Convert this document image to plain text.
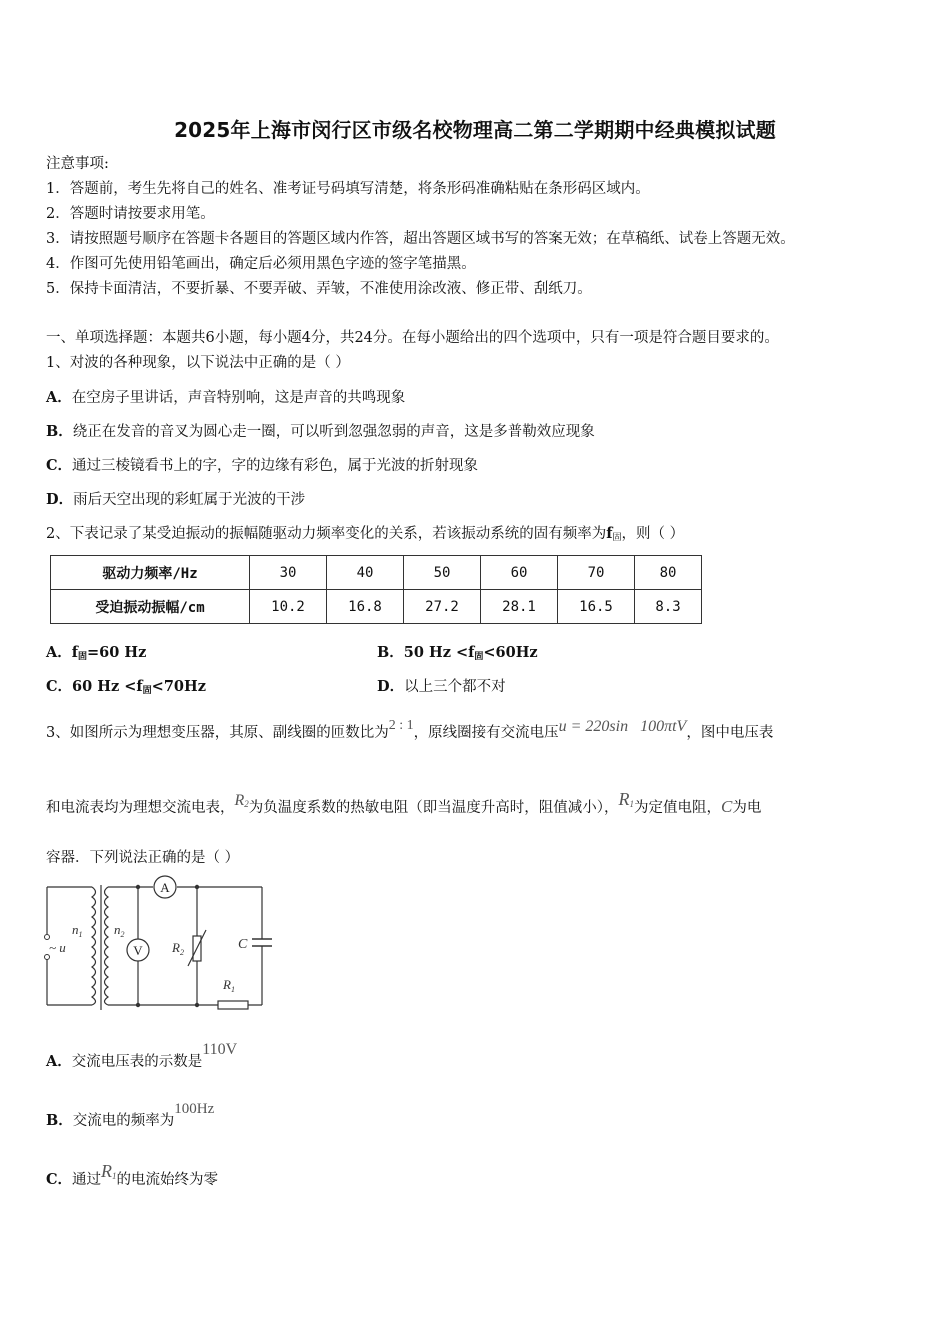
2025年上海市闵行区市级名校物理高二第二学期期中经典模拟试题
注意事项:
1．答题前，考生先将自己的姓名、准考证号码填写清楚，将条形码准确粘贴在条形码区域内。
2．答题时请按要求用笔。
3．请按照题号顺序在答题卡各题目的答题区域内作答，超出答题区域书写的答案无效；在草稿纸、试卷上答题无效。
4．作图可先使用铅笔画出，确定后必须用黑色字迹的签字笔描黑。
5．保持卡面清洁，不要折暴、不要弄破、弄皱，不准使用涂改液、修正带、刮纸刀。
一、单项选择题：本题共6小题，每小题4分，共24分。在每小题给出的四个选项中，只有一项是符合题目要求的。
1、对波的各种现象，以下说法中正确的是（ ）
A．在空房子里讲话，声音特别响，这是声音的共鸣现象
B．绕正在发音的音叉为圆心走一圈，可以听到忽强忽弱的声音，这是多普勒效应现象
C．通过三棱镜看书上的字，字的边缘有彩色，属于光波的折射现象
D．雨后天空出现的彩虹属于光波的干涉
2、下表记录了某受迫振动的振幅随驱动力频率变化的关系，若该振动系统的固有频率为$f_固$，则（ ）
驱动力频率/Hz	30	40	50	60	70	80
受迫振动振幅/cm	10.2	16.8	27.2	28.1	16.5	8.3
A．$f_固=60$ Hz	B．50 $Hz <f_固<60Hz$
C．60 $Hz <f_固<70Hz$	D．以上三个都不对
3、如图所示为理想变压器，其原、副线圈的匝数比为2 : 1，原线圈接有交流电压u = 220sin   100πtV，图中电压表
和电流表均为理想交流电表，$R_2$为负温度系数的热敏电阻（即当温度升高时，阻值减小），$R_1$为定值电阻，C为电
容器．下列说法正确的是（ ）
A
V
~ u
$n_1$ $n_2$
$R_2$
$R_1$
C
A．交流电压表的示数是110V
B．交流电的频率为100Hz
C．通过$R_1$的电流始终为零
